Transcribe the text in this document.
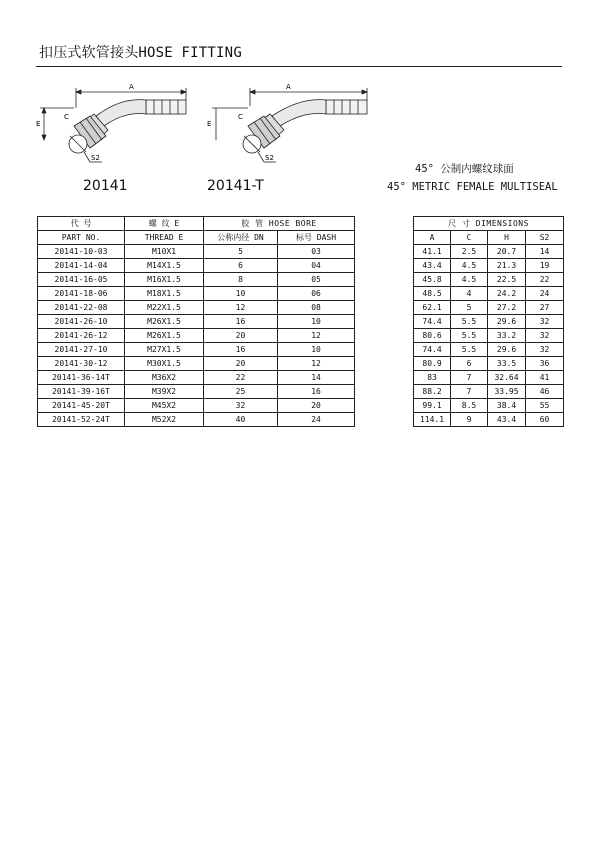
扣压式软管接头HOSE FITTING
A
E
C
S2
20141
A
E
C
S2
20141-T
45° 公制内螺纹球面
45° METRIC FEMALE MULTISEAL
代 号	螺 纹 E	胶 管 HOSE BORE			尺 寸 DIMENSIONS			
PART NO.	THREAD E	公称内径 DN	标号 DASH		A	C	H	S2
20141-10-03	M10X1	5	03		41.1	2.5	20.7	14
20141-14-04	M14X1.5	6	04		43.4	4.5	21.3	19
20141-16-05	M16X1.5	8	05		45.8	4.5	22.5	22
20141-18-06	M18X1.5	10	06		48.5	4	24.2	24
20141-22-08	M22X1.5	12	08		62.1	5	27.2	27
20141-26-10	M26X1.5	16	10		74.4	5.5	29.6	32
20141-26-12	M26X1.5	20	12		80.6	5.5	33.2	32
20141-27-10	M27X1.5	16	10		74.4	5.5	29.6	32
20141-30-12	M30X1.5	20	12		80.9	6	33.5	36
20141-36-14T	M36X2	22	14		83	7	32.64	41
20141-39-16T	M39X2	25	16		88.2	7	33.95	46
20141-45-20T	M45X2	32	20		99.1	8.5	38.4	55
20141-52-24T	M52X2	40	24		114.1	9	43.4	60
